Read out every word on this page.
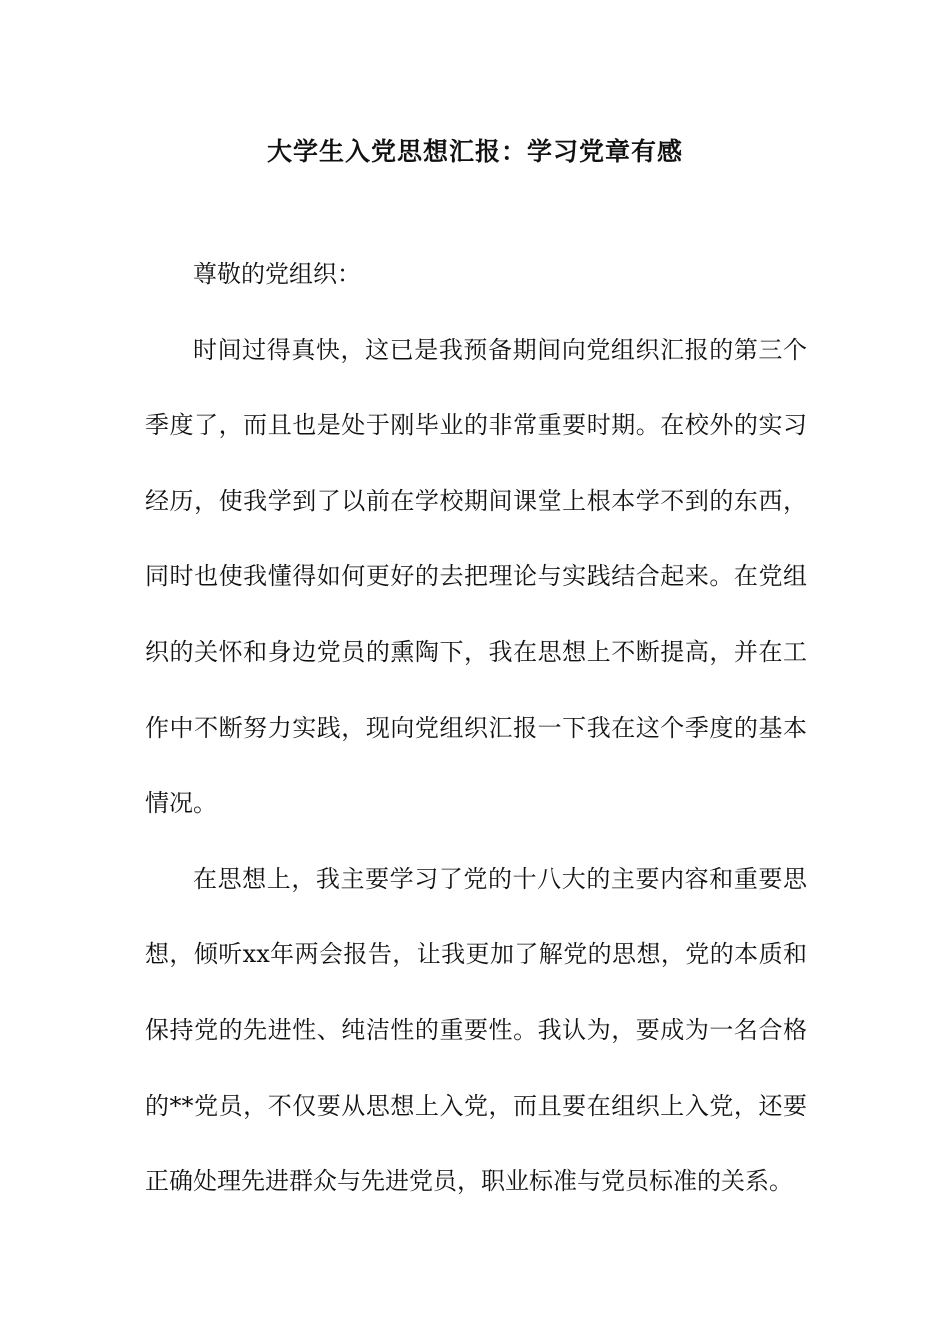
大学生入党思想汇报：学习党章有感
尊敬的党组织：
时间过得真快，这已是我预备期间向党组织汇报的第三个
季度了，而且也是处于刚毕业的非常重要时期。在校外的实习
经历，使我学到了以前在学校期间课堂上根本学不到的东西，
同时也使我懂得如何更好的去把理论与实践结合起来。在党组
织的关怀和身边党员的熏陶下，我在思想上不断提高，并在工
作中不断努力实践，现向党组织汇报一下我在这个季度的基本
情况。
在思想上，我主要学习了党的十八大的主要内容和重要思
想，倾听xx年两会报告，让我更加了解党的思想，党的本质和
保持党的先进性、纯洁性的重要性。我认为，要成为一名合格
的**党员，不仅要从思想上入党，而且要在组织上入党，还要
正确处理先进群众与先进党员，职业标准与党员标准的关系。
